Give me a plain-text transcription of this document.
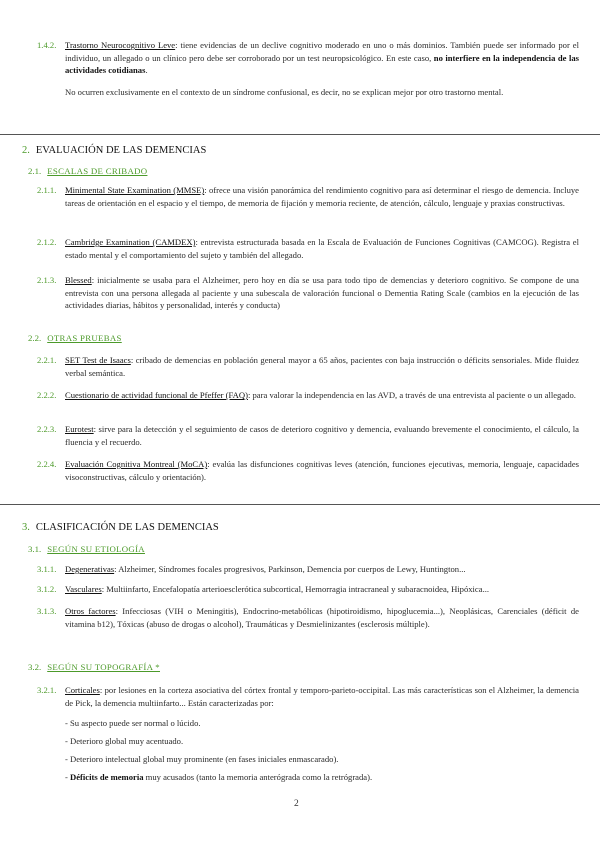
1.4.2. Trastorno Neurocognitivo Leve: tiene evidencias de un declive cognitivo moderado en uno o más dominios. También puede ser informado por el individuo, un allegado o un clínico pero debe ser corroborado por un test neuropsicológico. En este caso, no interfiere en la independencia de las actividades cotidianas.
No ocurren exclusivamente en el contexto de un síndrome confusional, es decir, no se explican mejor por otro trastorno mental.
2. EVALUACIÓN DE LAS DEMENCIAS
2.1. ESCALAS DE CRIBADO
2.1.1. Minimental State Examination (MMSE): ofrece una visión panorámica del rendimiento cognitivo para así determinar el riesgo de demencia. Incluye tareas de orientación en el espacio y el tiempo, de memoria de fijación y memoria reciente, de atención, cálculo, lenguaje y praxias constructivas.
2.1.2. Cambridge Examination (CAMDEX): entrevista estructurada basada en la Escala de Evaluación de Funciones Cognitivas (CAMCOG). Registra el estado mental y el comportamiento del sujeto y también del allegado.
2.1.3. Blessed: inicialmente se usaba para el Alzheimer, pero hoy en día se usa para todo tipo de demencias y deterioro cognitivo. Se compone de una entrevista con una persona allegada al paciente y una subescala de valoración funcional o Dementia Rating Scale (cambios en la ejecución de las actividades diarias, hábitos y personalidad, interés y conducta)
2.2. OTRAS PRUEBAS
2.2.1. SET Test de Isaacs: cribado de demencias en población general mayor a 65 años, pacientes con baja instrucción o déficits sensoriales. Mide fluidez verbal semántica.
2.2.2. Cuestionario de actividad funcional de Pfeffer (FAQ): para valorar la independencia en las AVD, a través de una entrevista al paciente o un allegado.
2.2.3. Eurotest: sirve para la detección y el seguimiento de casos de deterioro cognitivo y demencia, evaluando brevemente el conocimiento, el cálculo, la fluencia y el recuerdo.
2.2.4. Evaluación Cognitiva Montreal (MoCA): evalúa las disfunciones cognitivas leves (atención, funciones ejecutivas, memoria, lenguaje, capacidades visoconstructivas, cálculo y orientación).
3. CLASIFICACIÓN DE LAS DEMENCIAS
3.1. SEGÚN SU ETIOLOGÍA
3.1.1. Degenerativas: Alzheimer, Síndromes focales progresivos, Parkinson, Demencia por cuerpos de Lewy, Huntington...
3.1.2. Vasculares: Multiinfarto, Encefalopatía arterioesclerótica subcortical, Hemorragia intracraneal y subaracnoidea, Hipóxica...
3.1.3. Otros factores: Infecciosas (VIH o Meningitis), Endocrino-metabólicas (hipotiroidismo, hipoglucemia...), Neoplásicas, Carenciales (déficit de vitamina b12), Tóxicas (abuso de drogas o alcohol), Traumáticas y Desmielinizantes (esclerosis múltiple).
3.2. SEGÚN SU TOPOGRAFÍA *
3.2.1. Corticales: por lesiones en la corteza asociativa del córtex frontal y temporo-parieto-occipital. Las más características son el Alzheimer, la demencia de Pick, la demencia multiinfarto... Están caracterizadas por:
- Su aspecto puede ser normal o lúcido.
- Deterioro global muy acentuado.
- Deterioro intelectual global muy prominente (en fases iniciales enmascarado).
- Déficits de memoria muy acusados (tanto la memoria anterógrada como la retrógrada).
2
